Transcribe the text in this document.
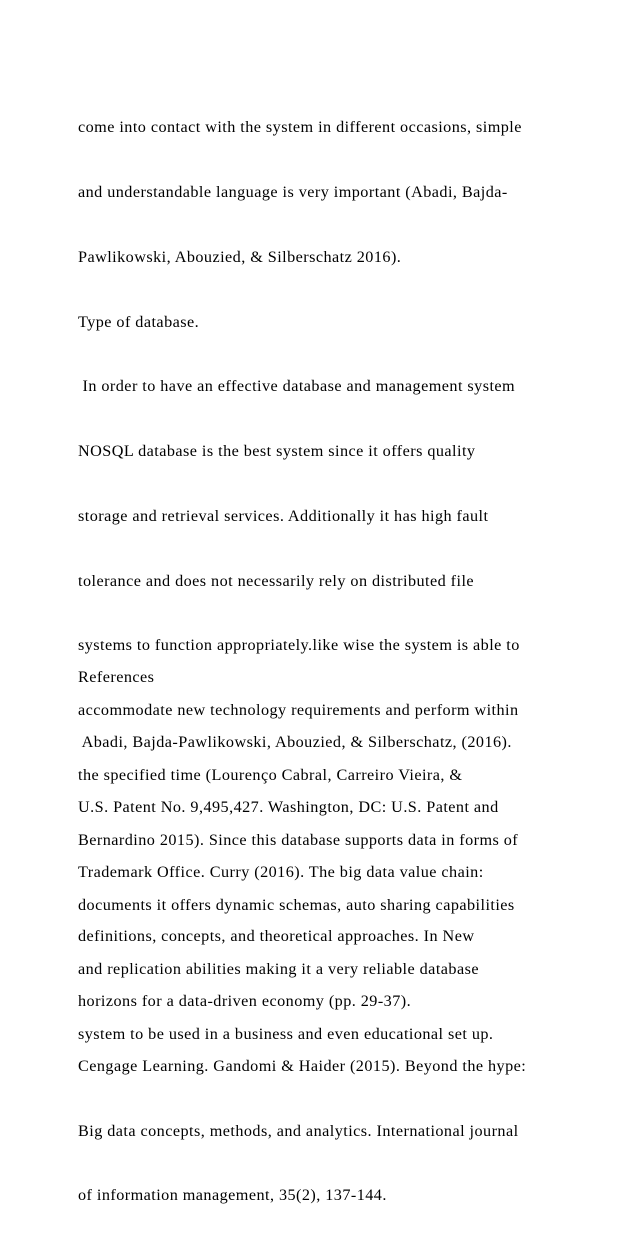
come into contact with the system in different occasions, simple

and understandable language is very important (Abadi, Bajda-

Pawlikowski, Abouzied, & Silberschatz 2016).

Type of database.

In order to have an effective database and management system

NOSQL database is the best system since it offers quality

storage and retrieval services. Additionally it has high fault

tolerance and does not necessarily rely on distributed file

systems to function appropriately.like wise the system is able to

accommodate new technology requirements and perform within

the specified time (Lourenço Cabral, Carreiro Vieira, &

Bernardino 2015). Since this database supports data in forms of

documents it offers dynamic schemas, auto sharing capabilities

and replication abilities making it a very reliable database

system to be used in a business and even educational set up.

References

Abadi, Bajda-Pawlikowski, Abouzied, & Silberschatz, (2016).

U.S. Patent No. 9,495,427. Washington, DC: U.S. Patent and

Trademark Office. Curry (2016). The big data value chain:

definitions, concepts, and theoretical approaches. In New

horizons for a data-driven economy (pp. 29-37).

Cengage Learning. Gandomi & Haider (2015). Beyond the hype:

Big data concepts, methods, and analytics. International journal

of information management, 35(2), 137-144.
